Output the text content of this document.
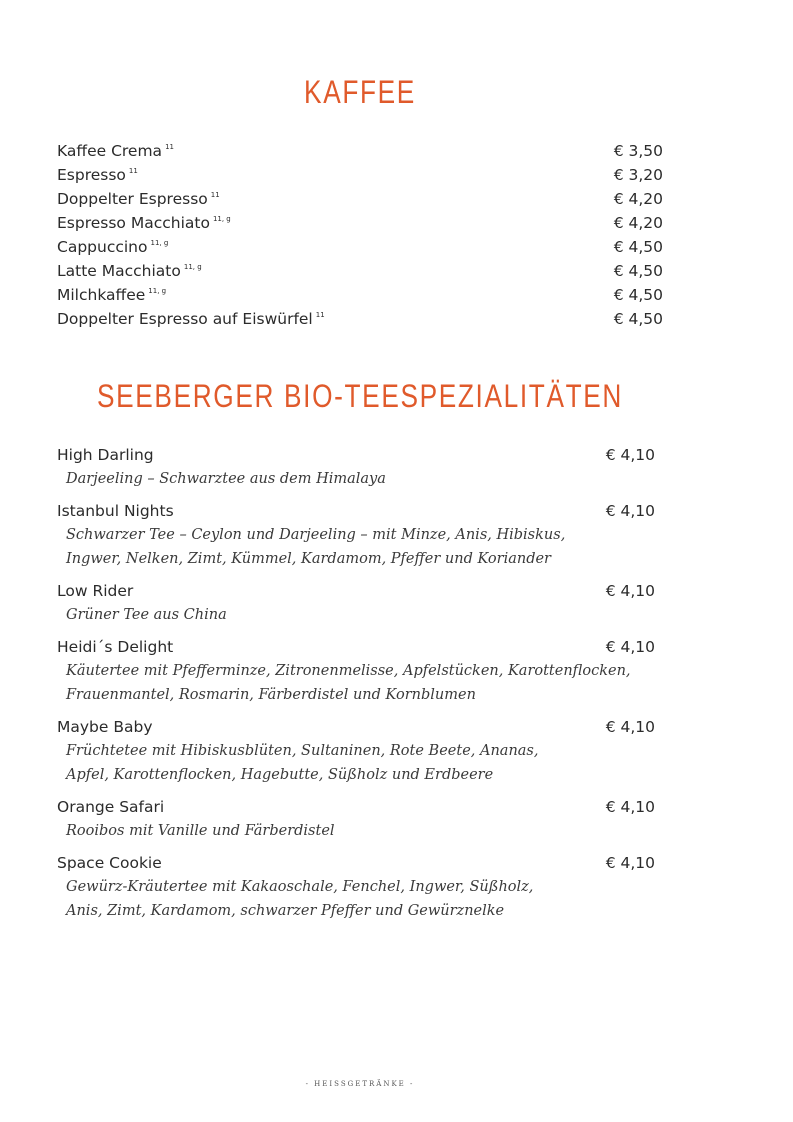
KAFFEE
Kaffee Crema $^{11}$	€ 3,50
Espresso $^{11}$	€ 3,20
Doppelter Espresso $^{11}$	€ 4,20
Espresso Macchiato $^{11, g}$	€ 4,20
Cappuccino $^{11, g}$	€ 4,50
Latte Macchiato $^{11, g}$	€ 4,50
Milchkaffee $^{11, g}$	€ 4,50
Doppelter Espresso auf Eiswürfel $^{11}$	€ 4,50
SEEBERGER BIO-TEESPEZIALITÄTEN
High Darling	€ 4,10
Darjeeling – Schwarztee aus dem Himalaya
Istanbul Nights	€ 4,10
Schwarzer Tee – Ceylon und Darjeeling – mit Minze, Anis, Hibiskus,
Ingwer, Nelken, Zimt, Kümmel, Kardamom, Pfeffer und Koriander
Low Rider	€ 4,10
Grüner Tee aus China
Heidi´s Delight	€ 4,10
Käutertee mit Pfefferminze, Zitronenmelisse, Apfelstücken, Karottenflocken,
Frauenmantel, Rosmarin, Färberdistel und Kornblumen
Maybe Baby	€ 4,10
Früchtetee mit Hibiskusblüten, Sultaninen, Rote Beete, Ananas,
Apfel, Karottenflocken, Hagebutte, Süßholz und Erdbeere
Orange Safari	€ 4,10
Rooibos mit Vanille und Färberdistel
Space Cookie	€ 4,10
Gewürz-Kräutertee mit Kakaoschale, Fenchel, Ingwer, Süßholz,
Anis, Zimt, Kardamom, schwarzer Pfeffer und Gewürznelke
- HEISSGETRÄNKE -
